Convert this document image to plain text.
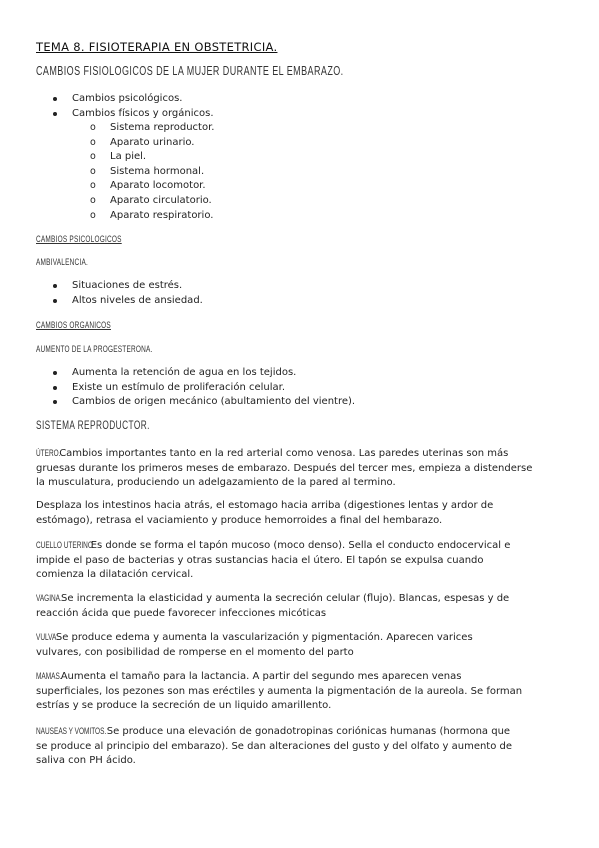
TEMA 8. FISIOTERAPIA EN OBSTETRICIA.
CAMBIOS FISIOLOGICOS DE LA MUJER DURANTE EL EMBARAZO.
Cambios psicológicos.
Cambios físicos y orgánicos.
o Sistema reproductor.
o Aparato urinario.
o La piel.
o Sistema hormonal.
o Aparato locomotor.
o Aparato circulatorio.
o Aparato respiratorio.
CAMBIOS PSICOLOGICOS
AMBIVALENCIA.
Situaciones de estrés.
Altos niveles de ansiedad.
CAMBIOS ORGANICOS
AUMENTO DE LA PROGESTERONA.
Aumenta la retención de agua en los tejidos.
Existe un estímulo de proliferación celular.
Cambios de origen mecánico (abultamiento del vientre).
SISTEMA REPRODUCTOR.
ÚTERO. Cambios importantes tanto en la red arterial como venosa. Las paredes uterinas son más
gruesas durante los primeros meses de embarazo. Después del tercer mes, empieza a distenderse
la musculatura, produciendo un adelgazamiento de la pared al termino.
Desplaza los intestinos hacia atrás, el estomago hacia arriba (digestiones lentas y ardor de
estómago), retrasa el vaciamiento y produce hemorroides a final del hembarazo.
CUELLO UTERINO. Es donde se forma el tapón mucoso (moco denso). Sella el conducto endocervical e
impide el paso de bacterias y otras sustancias hacia el útero. El tapón se expulsa cuando
comienza la dilatación cervical.
VAGINA. Se incrementa la elasticidad y aumenta la secreción celular (flujo). Blancas, espesas y de
reacción ácida que puede favorecer infecciones micóticas
VULVA. Se produce edema y aumenta la vascularización y pigmentación. Aparecen varices
vulvares, con posibilidad de romperse en el momento del parto
MAMAS. Aumenta el tamaño para la lactancia. A partir del segundo mes aparecen venas
superficiales, los pezones son mas eréctiles y aumenta la pigmentación de la aureola. Se forman
estrías y se produce la secreción de un liquido amarillento.
NAUSEAS Y VOMITOS. Se produce una elevación de gonadotropinas coriónicas humanas (hormona que
se produce al principio del embarazo). Se dan alteraciones del gusto y del olfato y aumento de
saliva con PH ácido.
